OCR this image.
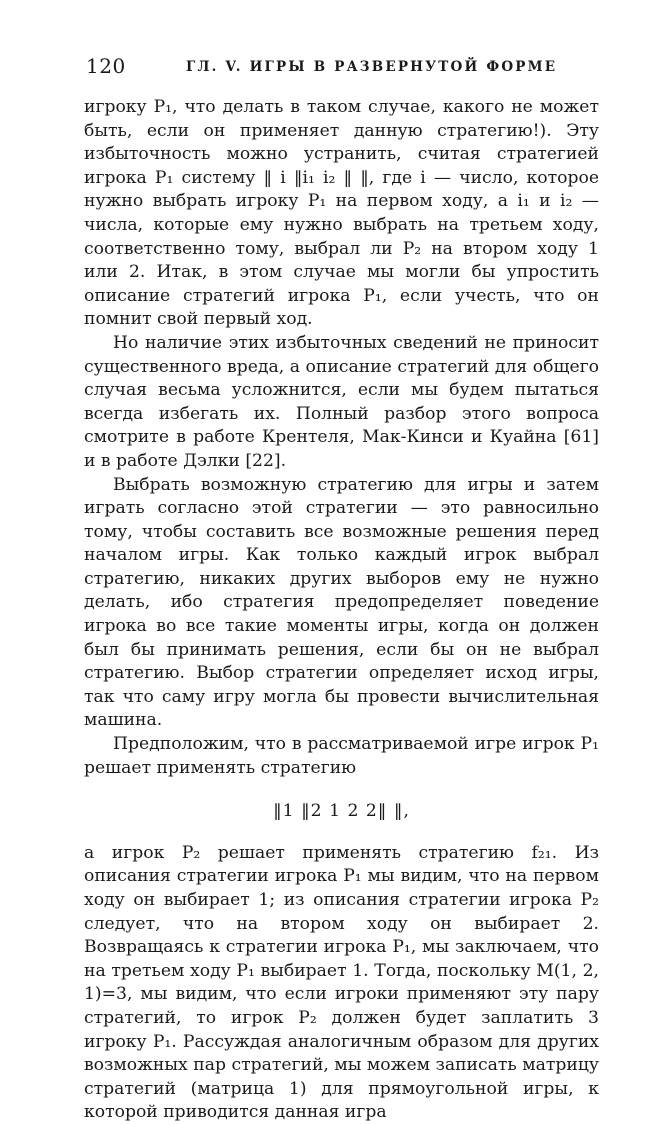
120	ГЛ. V. ИГРЫ В РАЗВЕРНУТОЙ ФОРМЕ

игроку P₁, что делать в таком случае, какого не может быть, если он применяет данную стратегию!). Эту избыточность можно устранить, считая стратегией игрока P₁ систему ‖ i ‖i₁ i₂ ‖ ‖, где i — число, которое нужно выбрать игроку P₁ на первом ходу, а i₁ и i₂ — числа, которые ему нужно выбрать на третьем ходу, соответственно тому, выбрал ли P₂ на втором ходу 1 или 2. Итак, в этом случае мы могли бы упростить описание стратегий игрока P₁, если учесть, что он помнит свой первый ход.

Но наличие этих избыточных сведений не приносит существенного вреда, а описание стратегий для общего случая весьма усложнится, если мы будем пытаться всегда избегать их. Полный разбор этого вопроса смотрите в работе Крентеля, Мак-Кинси и Куайна [61] и в работе Дэлки [22].

Выбрать возможную стратегию для игры и затем играть согласно этой стратегии — это равносильно тому, чтобы составить все возможные решения перед началом игры. Как только каждый игрок выбрал стратегию, никаких других выборов ему не нужно делать, ибо стратегия предопределяет поведение игрока во все такие моменты игры, когда он должен был бы принимать решения, если бы он не выбрал стратегию. Выбор стратегии определяет исход игры, так что саму игру могла бы провести вычислительная машина.

Предположим, что в рассматриваемой игре игрок P₁ решает применять стратегию

‖1 ‖2 1 2 2‖ ‖,

а игрок P₂ решает применять стратегию f₂₁. Из описания стратегии игрока P₁ мы видим, что на первом ходу он выбирает 1; из описания стратегии игрока P₂ следует, что на втором ходу он выбирает 2. Возвращаясь к стратегии игрока P₁, мы заключаем, что на третьем ходу P₁ выбирает 1. Тогда, поскольку M(1, 2, 1)=3, мы видим, что если игроки применяют эту пару стратегий, то игрок P₂ должен будет заплатить 3 игроку P₁. Рассуждая аналогичным образом для других возможных пар стратегий, мы можем записать матрицу стратегий (матрица 1) для прямоугольной игры, к которой приводится данная игра
